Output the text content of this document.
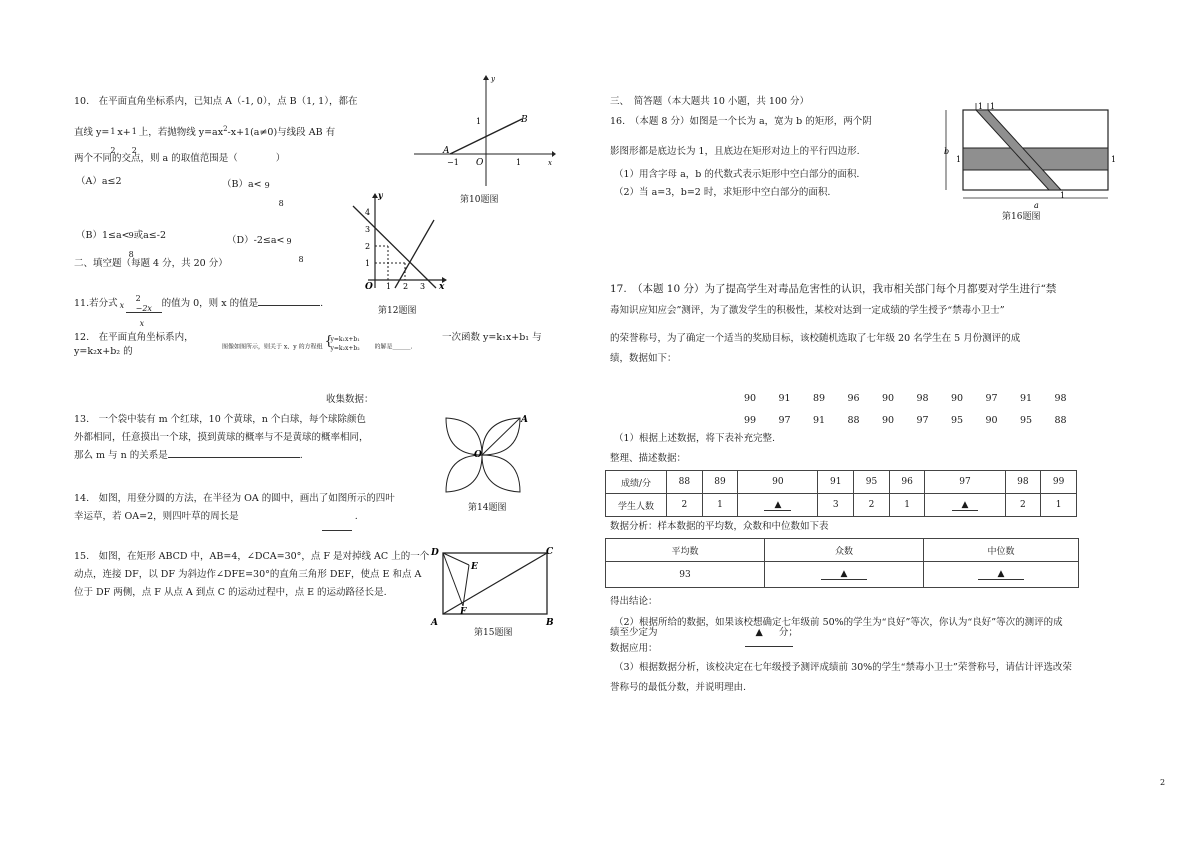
10.　在平面直角坐标系内，已知点 A（-1, 0），点 B（1, 1），都在
直线 y= 1
2
x+ 1
2
上，若抛物线 $y=ax^2-x+1(a\ne 0)$与线段 AB 有
两个不同的交点，则 a 的取值范围是（　　　　）
（A）a≤2	（B）a< 9
8
（B）1≤a< 9
8
或a≤-2	（D）-2≤a< 9
8
A
B
O
−1	1
1
x
y
第10题图
二、填空题（每题 4 分，共 20 分）
11.若分式 x
2
−2x
x
的值为 0，则 x 的值是	.
12.　在平面直角坐标系内，
图像如图所示，则关于 x、y 的方程组 {
y=k₁x+b₁
y=k₂x+b₂ 的解是______.
一次函数 y=k₁x+b₁ 与
y=k₂x+b₂ 的
y
x
O
1
2
3
4
1 2 3
第12题图
收集数据：
13.　一个袋中装有 m 个红球，10 个黄球，n 个白球，每个球除颜色
外都相同，任意摸出一个球，摸到黄球的概率与不是黄球的概率相同，
那么 m 与 n 的关系是	.
A
O
第14题图
14.　如图，用登分圆的方法，在半径为 OA 的圆中，画出了如图所示的四叶
幸运草，若 OA=2，则四叶草的周长是	.
15.　如图，在矩形 ABCD 中，AB=4，∠DCA=30°，点 F 是对掉线 AC 上的一个
动点，连接 DF，以 DF 为斜边作∠DFE=30°的直角三角形 DEF，使点 E 和点 A
位于 DF 两侧，点 F 从点 A 到点 C 的运动过程中，点 E 的运动路径长是.
A	B
C
D
E
F
第15题图
三、　简答题（本大题共 10 小题，共 100 分）
16.　（本题 8 分）如图是一个长为 a，宽为 b 的矩形，两个阴
影图形都是底边长为 1，且底边在矩形对边上的平行四边形.
（1）用含字母 a，b 的代数式表示矩形中空白部分的面积.
（2）当 a=3，b=2 时，求矩形中空白部分的面积.
b
a
1 1
1	1
1
第16题图
17.　（本题 10 分）为了提高学生对毒品危害性的认识，我市相关部门每个月都要对学生进行“禁
毒知识应知应会”测评，为了激发学生的积极性，某校对达到一定成绩的学生授予“禁毒小卫士”
的荣誉称号，为了确定一个适当的奖励目标，该校随机选取了七年级 20 名学生在 5 月份测评的成
绩，数据如下：
90 91 89 96 90 98 90 97 91 98
99 97 91 88 90 97 95 90 95 88
（1）根据上述数据，将下表补充完整.
整理、描述数据：
成绩/分	88	89	90	91	95	96	97	98	99
学生人数	2	1	▲	3	2	1	▲	2	1
数据分析：样本数据的平均数，众数和中位数如下表
平均数	众数	中位数
93	▲	▲
得出结论：
（2）根据所给的数据，如果该校想确定七年级前 50%的学生为“良好”等次，你认为“良好”等次的测评的成
绩至少定为	▲ 分；
数据应用：
（3）根据数据分析，该校决定在七年级授予测评成绩前 30%的学生“禁毒小卫士”荣誉称号，请估计评选改荣
誉称号的最低分数，并说明理由.
2
